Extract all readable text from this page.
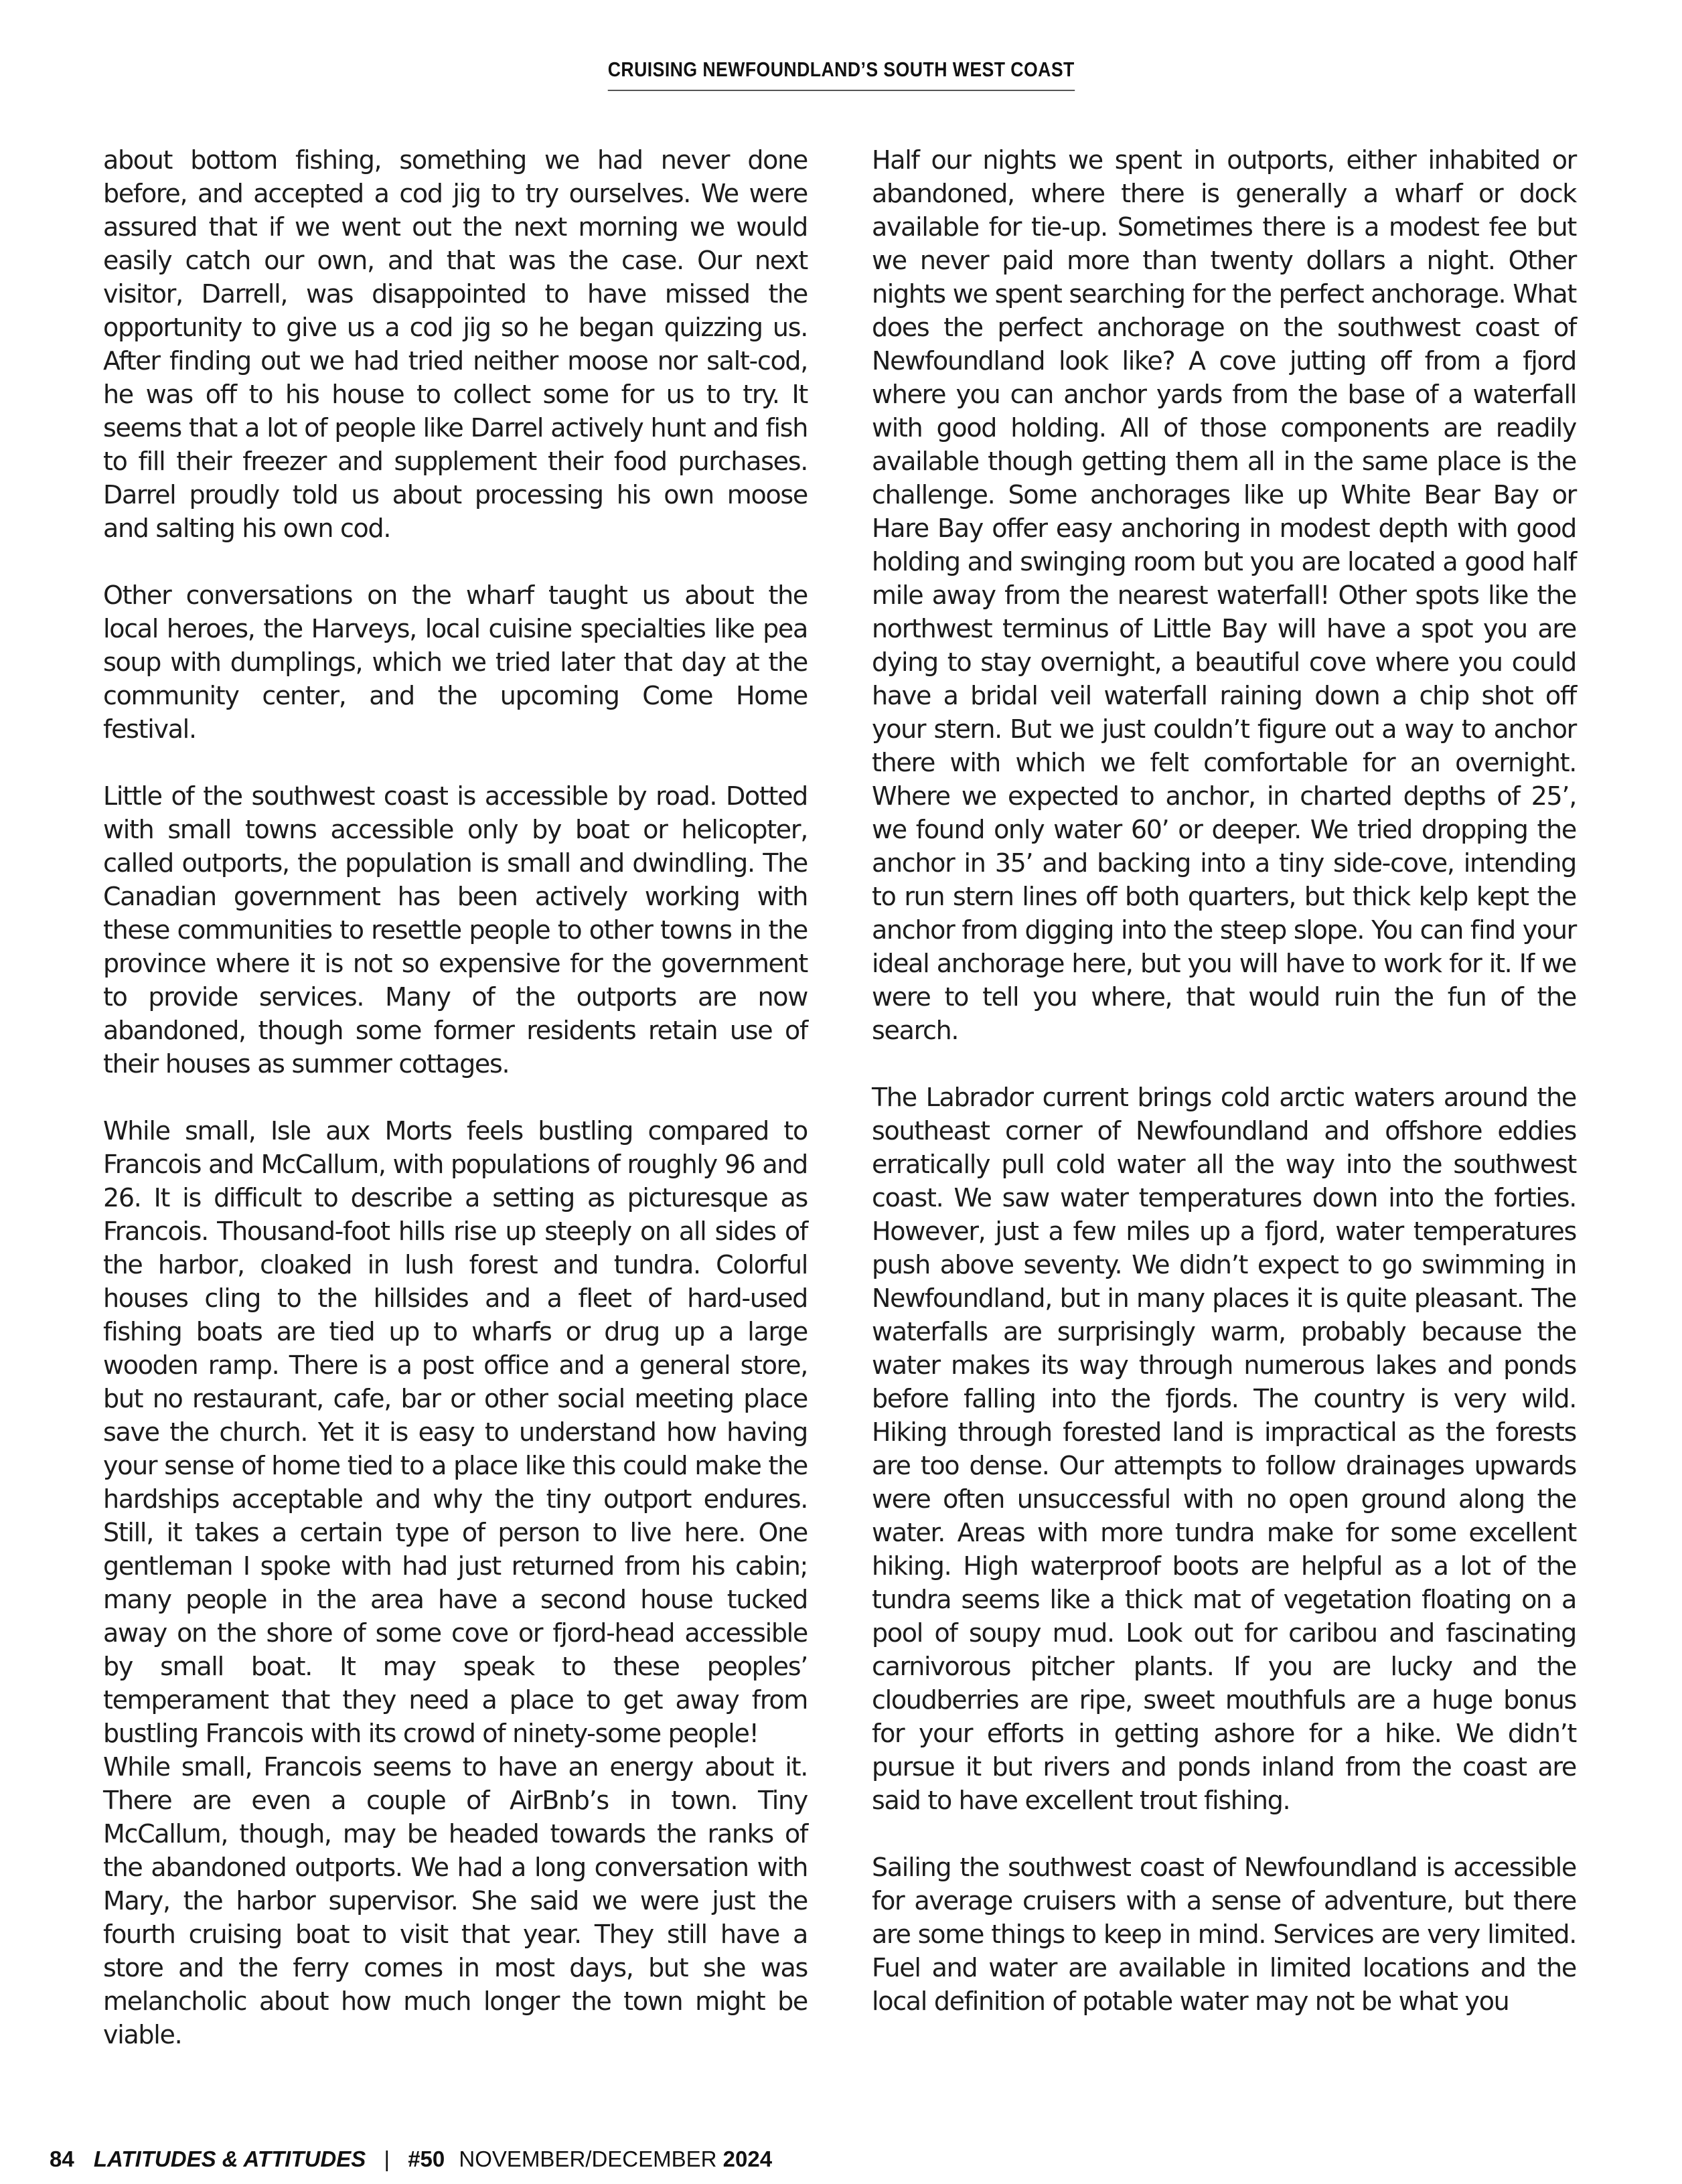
CRUISING NEWFOUNDLAND’S SOUTH WEST COAST

about bottom fishing, something we had never done before, and accepted a cod jig to try ourselves. We were assured that if we went out the next morning we would easily catch our own, and that was the case. Our next visitor, Darrell, was disappointed to have missed the opportunity to give us a cod jig so he began quizzing us. After finding out we had tried neither moose nor salt-cod, he was off to his house to collect some for us to try. It seems that a lot of people like Darrel actively hunt and fish to fill their freezer and supplement their food purchases. Darrel proudly told us about processing his own moose and salting his own cod.

Other conversations on the wharf taught us about the local heroes, the Harveys, local cuisine specialties like pea soup with dumplings, which we tried later that day at the community center, and the upcoming Come Home festival.

Little of the southwest coast is accessible by road. Dotted with small towns accessible only by boat or helicopter, called outports, the population is small and dwindling. The Canadian government has been actively working with these communities to resettle people to other towns in the province where it is not so expensive for the government to provide services. Many of the outports are now abandoned, though some former residents retain use of their houses as summer cottages.

While small, Isle aux Morts feels bustling compared to Francois and McCallum, with populations of roughly 96 and 26. It is difficult to describe a setting as picturesque as Francois. Thousand-foot hills rise up steeply on all sides of the harbor, cloaked in lush forest and tundra. Colorful houses cling to the hillsides and a fleet of hard-used fishing boats are tied up to wharfs or drug up a large wooden ramp. There is a post office and a general store, but no restaurant, cafe, bar or other social meeting place save the church. Yet it is easy to understand how having your sense of home tied to a place like this could make the hardships acceptable and why the tiny outport endures. Still, it takes a certain type of person to live here. One gentleman I spoke with had just returned from his cabin; many people in the area have a second house tucked away on the shore of some cove or fjord-head accessible by small boat. It may speak to these peoples’ temperament that they need a place to get away from bustling Francois with its crowd of ninety-some people!

While small, Francois seems to have an energy about it. There are even a couple of AirBnb’s in town. Tiny McCallum, though, may be headed towards the ranks of the abandoned outports. We had a long conversation with Mary, the harbor supervisor. She said we were just the fourth cruising boat to visit that year. They still have a store and the ferry comes in most days, but she was melancholic about how much longer the town might be viable.

Half our nights we spent in outports, either inhabited or abandoned, where there is generally a wharf or dock available for tie-up. Sometimes there is a modest fee but we never paid more than twenty dollars a night. Other nights we spent searching for the perfect anchorage. What does the perfect anchorage on the southwest coast of Newfoundland look like? A cove jutting off from a fjord where you can anchor yards from the base of a waterfall with good holding. All of those components are readily available though getting them all in the same place is the challenge. Some anchorages like up White Bear Bay or Hare Bay offer easy anchoring in modest depth with good holding and swinging room but you are located a good half mile away from the nearest waterfall! Other spots like the northwest terminus of Little Bay will have a spot you are dying to stay overnight, a beautiful cove where you could have a bridal veil waterfall raining down a chip shot off your stern. But we just couldn’t figure out a way to anchor there with which we felt comfortable for an overnight. Where we expected to anchor, in charted depths of 25’, we found only water 60’ or deeper. We tried dropping the anchor in 35’ and backing into a tiny side-cove, intending to run stern lines off both quarters, but thick kelp kept the anchor from digging into the steep slope. You can find your ideal anchorage here, but you will have to work for it. If we were to tell you where, that would ruin the fun of the search.

The Labrador current brings cold arctic waters around the southeast corner of Newfoundland and offshore eddies erratically pull cold water all the way into the southwest coast. We saw water temperatures down into the forties. However, just a few miles up a fjord, water temperatures push above seventy. We didn’t expect to go swimming in Newfoundland, but in many places it is quite pleasant. The waterfalls are surprisingly warm, probably because the water makes its way through numerous lakes and ponds before falling into the fjords. The country is very wild. Hiking through forested land is impractical as the forests are too dense. Our attempts to follow drainages upwards were often unsuccessful with no open ground along the water. Areas with more tundra make for some excellent hiking. High waterproof boots are helpful as a lot of the tundra seems like a thick mat of vegetation floating on a pool of soupy mud. Look out for caribou and fascinating carnivorous pitcher plants. If you are lucky and the cloudberries are ripe, sweet mouthfuls are a huge bonus for your efforts in getting ashore for a hike. We didn’t pursue it but rivers and ponds inland from the coast are said to have excellent trout fishing.

Sailing the southwest coast of Newfoundland is accessible for average cruisers with a sense of adventure, but there are some things to keep in mind. Services are very limited. Fuel and water are available in limited locations and the local definition of potable water may not be what you

84 LATITUDES & ATTITUDES | #50 NOVEMBER/DECEMBER 2024
